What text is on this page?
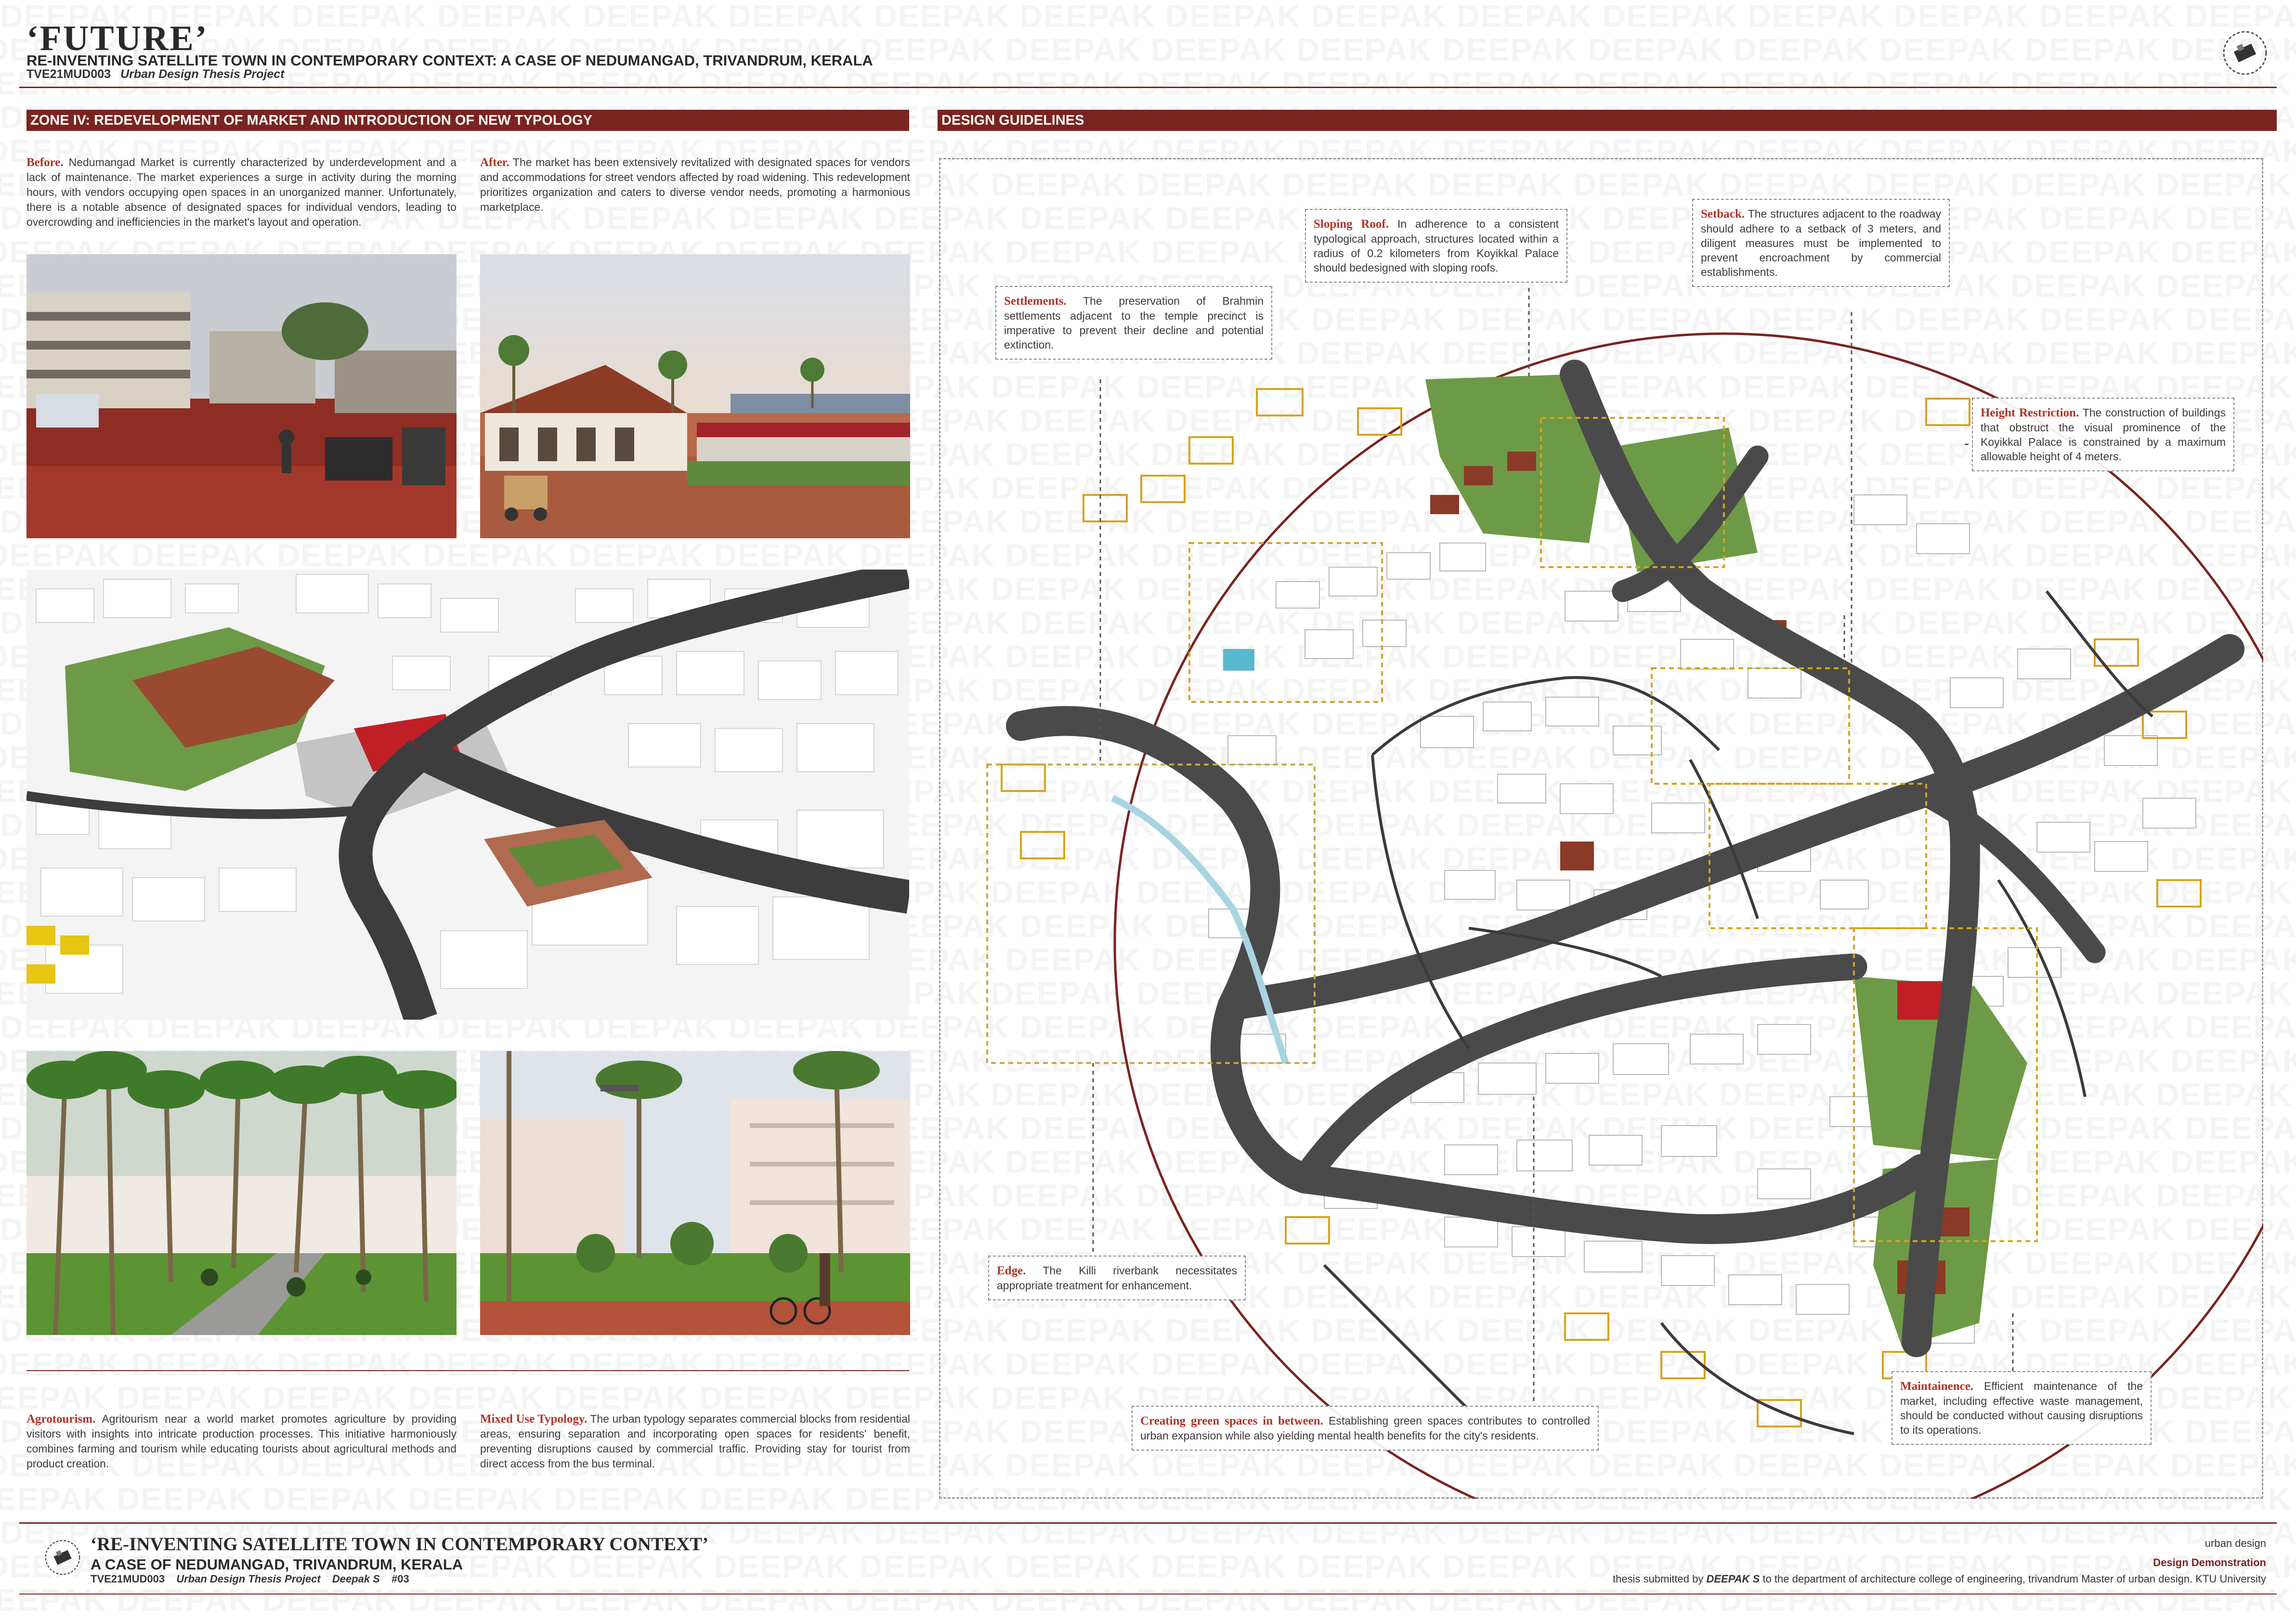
‘FUTURE’
RE-INVENTING SATELLITE TOWN IN CONTEMPORARY CONTEXT: A CASE OF NEDUMANGAD, TRIVANDRUM, KERALA
TVE21MUD003 Urban Design Thesis Project
ZONE IV: REDEVELOPMENT OF MARKET AND INTRODUCTION OF NEW TYPOLOGY	DESIGN GUIDELINES
Before. Nedumangad Market is currently characterized by underdevelopment and a lack of maintenance. The market experiences a surge in activity during the morning hours, with vendors occupying open spaces in an unorganized manner. Unfortunately, there is a notable absence of designated spaces for individual vendors, leading to overcrowding and inefficiencies in the market's layout and operation.
After. The market has been extensively revitalized with designated spaces for vendors and accommodations for street vendors affected by road widening. This redevelopment prioritizes organization and caters to diverse vendor needs, promoting a harmonious marketplace.
Agrotourism. Agritourism near a world market promotes agriculture by providing visitors with insights into intricate production processes. This initiative harmoniously combines farming and tourism while educating tourists about agricultural methods and product creation.
Mixed Use Typology. The urban typology separates commercial blocks from residential areas, ensuring separation and incorporating open spaces for residents' benefit, preventing disruptions caused by commercial traffic. Providing stay for tourist from direct access from the bus terminal.
Settlements. The preservation of Brahmin settlements adjacent to the temple precinct is imperative to prevent their decline and potential extinction.
Sloping Roof. In adherence to a consistent typological approach, structures located within a radius of 0.2 kilometers from Koyikkal Palace should bedesigned with sloping roofs.
Setback. The structures adjacent to the roadway should adhere to a setback of 3 meters, and diligent measures must be implemented to prevent encroachment by commercial establishments.
Height Restriction. The construction of buildings that obstruct the visual prominence of the Koyikkal Palace is constrained by a maximum allowable height of 4 meters.
Edge. The Killi riverbank necessitates appropriate treatment for enhancement.
Creating green spaces in between. Establishing green spaces contributes to controlled urban expansion while also yielding mental health benefits for the city's residents.
Maintainence. Efficient maintenance of the market, including effective waste management, should be conducted without causing disruptions to its operations.
‘RE-INVENTING SATELLITE TOWN IN CONTEMPORARY CONTEXT’
A CASE OF NEDUMANGAD, TRIVANDRUM, KERALA
TVE21MUD003 Urban Design Thesis Project Deepak S #03
urban design
Design Demonstration
thesis submitted by DEEPAK S to the department of architecture college of engineering, trivandrum Master of urban design. KTU University
